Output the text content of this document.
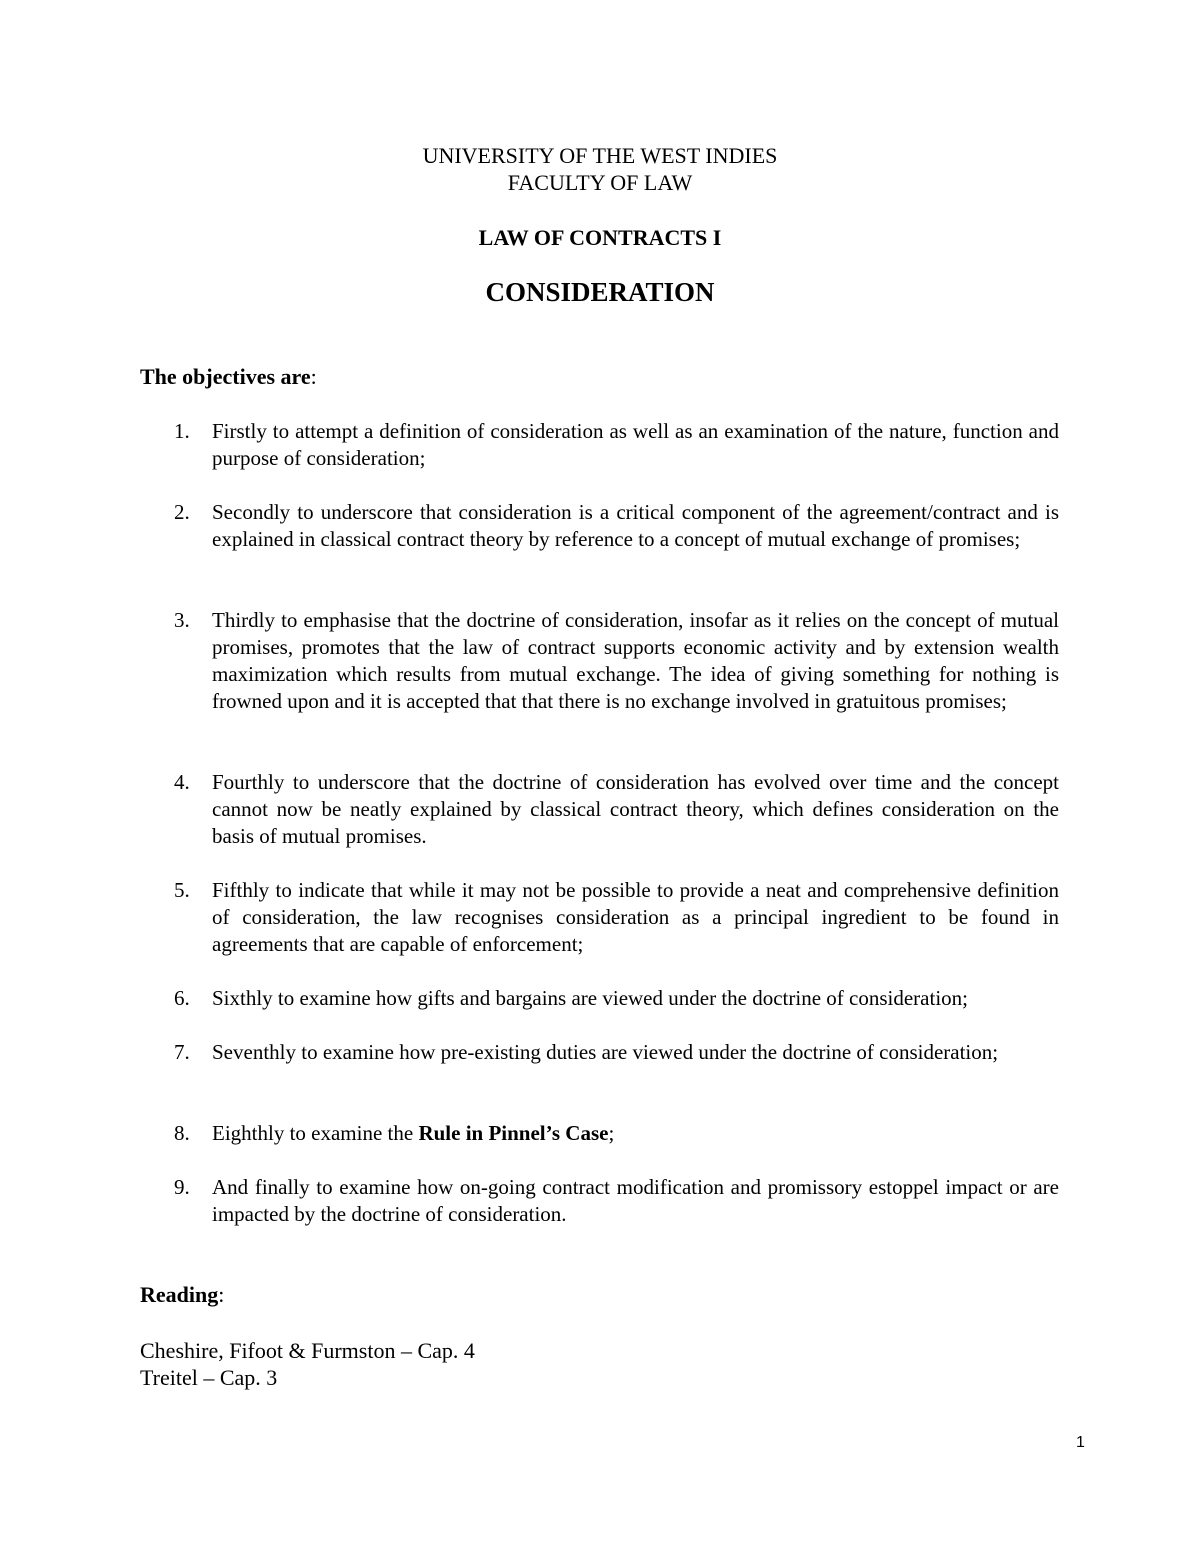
UNIVERSITY OF THE WEST INDIES
FACULTY OF LAW
LAW OF CONTRACTS I
CONSIDERATION
The objectives are:
1.	Firstly to attempt a definition of consideration as well as an examination of the nature, function and purpose of consideration;
2.	Secondly to underscore that consideration is a critical component of the agreement/contract and is explained in classical contract theory by reference to a concept of mutual exchange of promises;
3.	Thirdly to emphasise that the doctrine of consideration, insofar as it relies on the concept of mutual promises, promotes that the law of contract supports economic activity and by extension wealth maximization which results from mutual exchange. The idea of giving something for nothing is frowned upon and it is accepted that that there is no exchange involved in gratuitous promises;
4.	Fourthly to underscore that the doctrine of consideration has evolved over time and the concept cannot now be neatly explained by classical contract theory, which defines consideration on the basis of mutual promises.
5.	Fifthly to indicate that while it may not be possible to provide a neat and comprehensive definition of consideration, the law recognises consideration as a principal ingredient to be found in agreements that are capable of enforcement;
6.	Sixthly to examine how gifts and bargains are viewed under the doctrine of consideration;
7.	Seventhly to examine how pre-existing duties are viewed under the doctrine of consideration;
8.	Eighthly to examine the Rule in Pinnel’s Case;
9.	And finally to examine how on-going contract modification and promissory estoppel impact or are impacted by the doctrine of consideration.
Reading:
Cheshire, Fifoot & Furmston – Cap. 4
Treitel – Cap. 3
1
